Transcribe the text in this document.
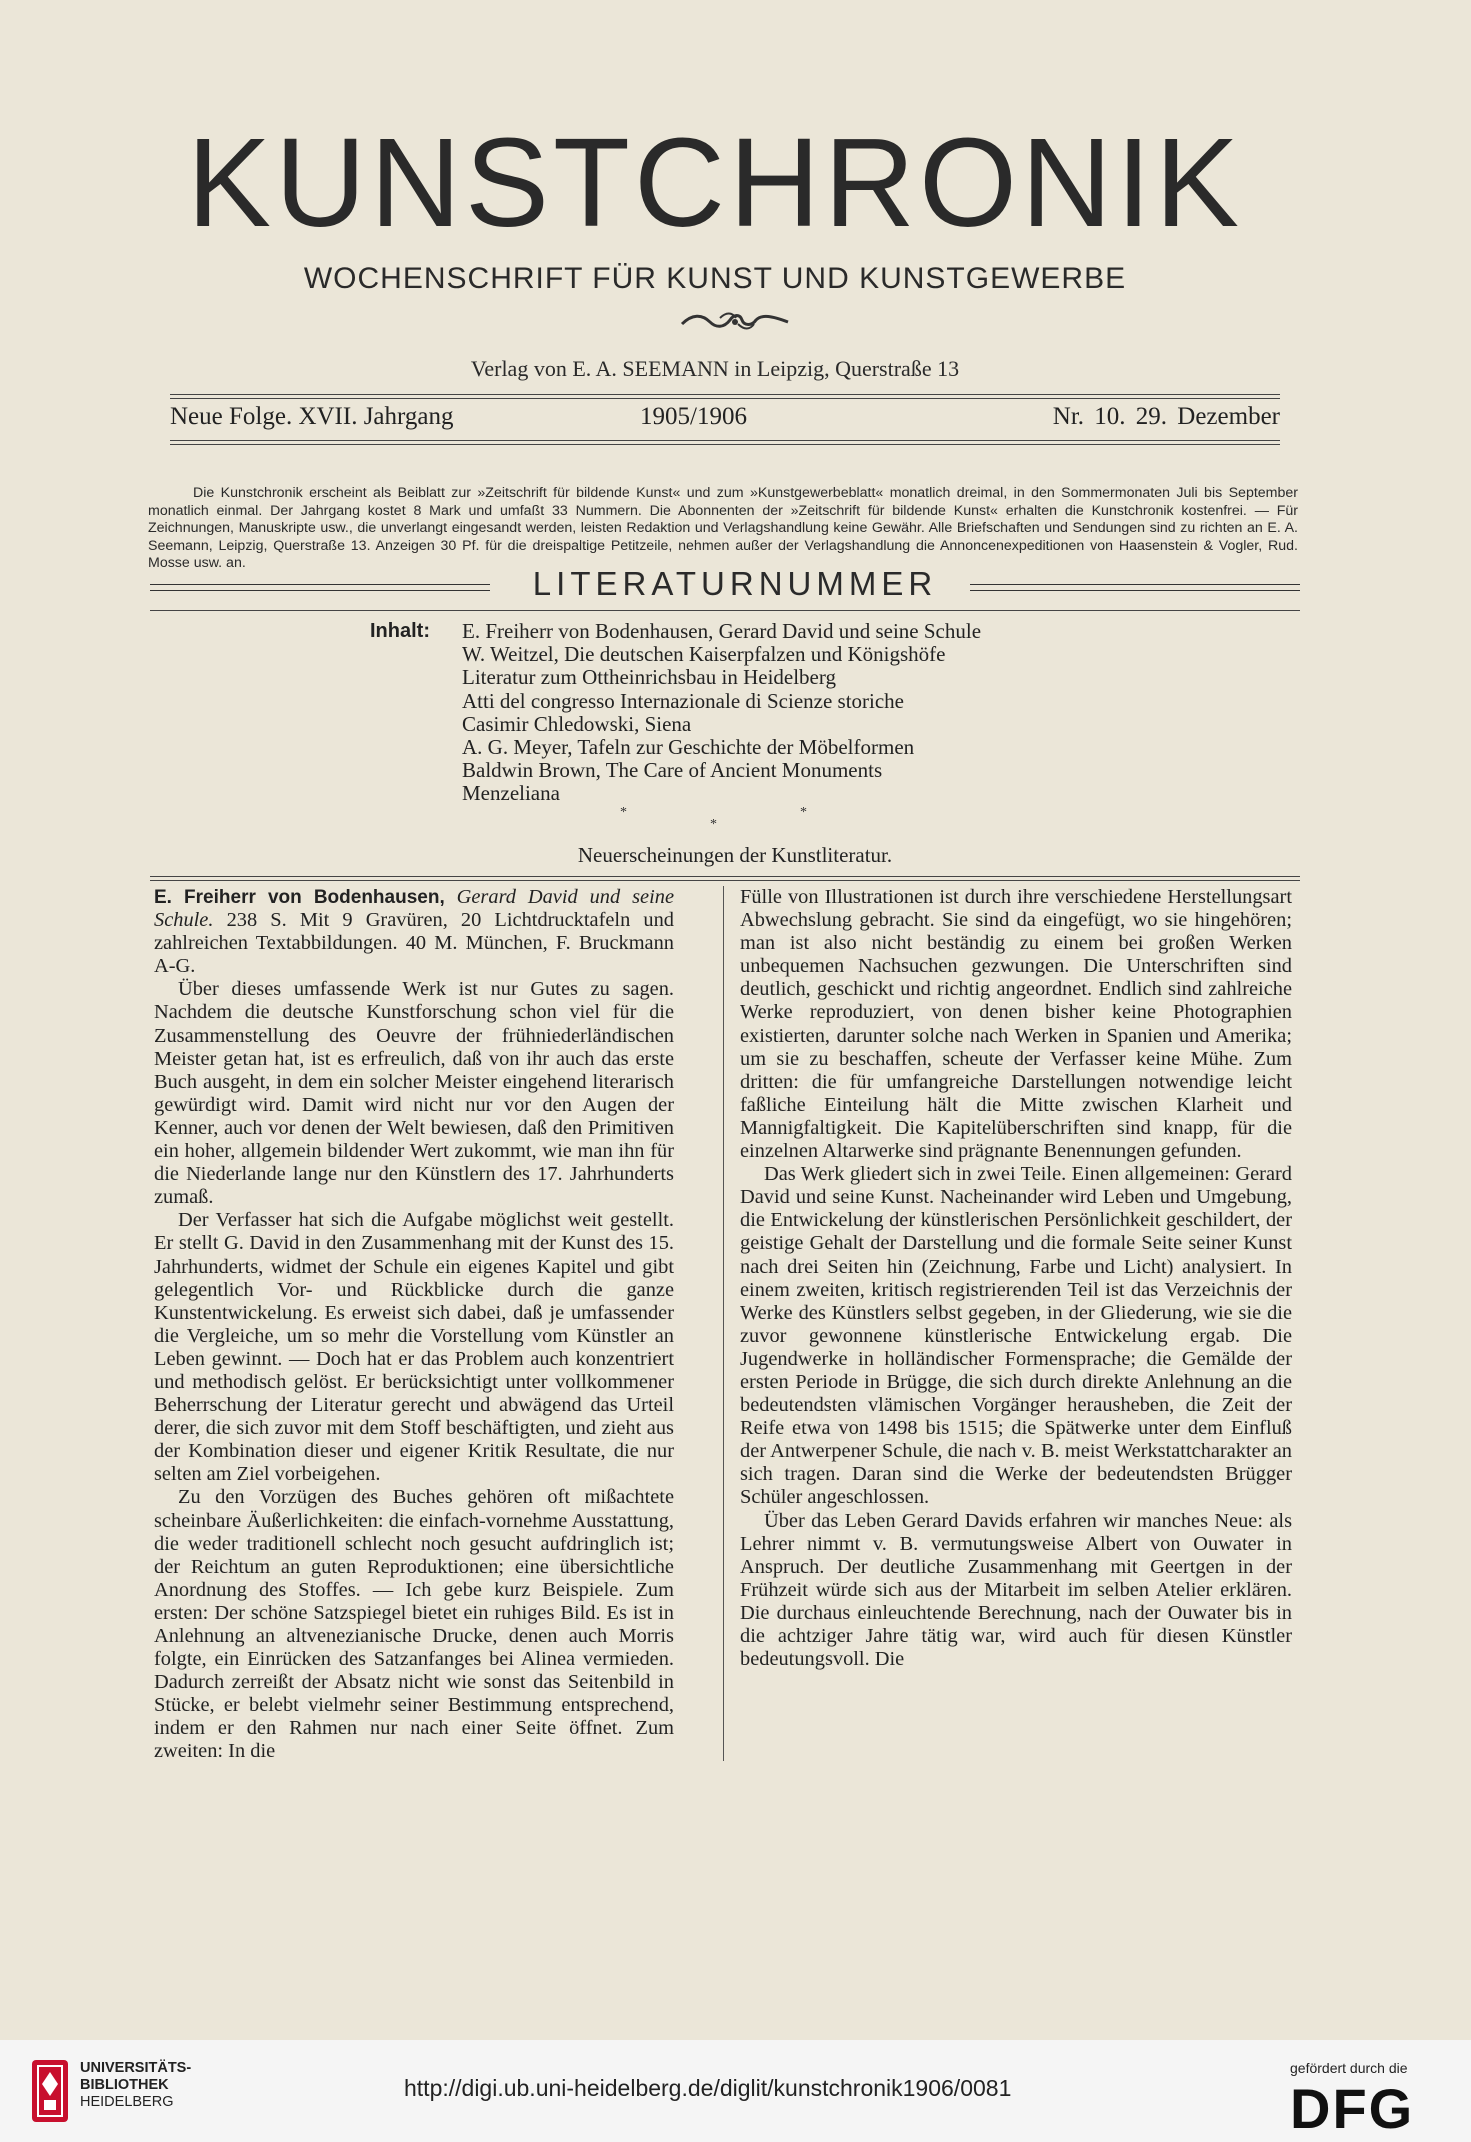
KUNSTCHRONIK
WOCHENSCHRIFT FÜR KUNST UND KUNSTGEWERBE
Verlag von E. A. SEEMANN in Leipzig, Querstraße 13
Neue Folge. XVII. Jahrgang	1905/1906	Nr. 10. 29. Dezember

Die Kunstchronik erscheint als Beiblatt zur »Zeitschrift für bildende Kunst« und zum »Kunstgewerbeblatt« monatlich dreimal, in den Sommermonaten Juli bis September monatlich einmal. Der Jahrgang kostet 8 Mark und umfaßt 33 Nummern. Die Abonnenten der »Zeitschrift für bildende Kunst« erhalten die Kunstchronik kostenfrei. — Für Zeichnungen, Manuskripte usw., die unverlangt eingesandt werden, leisten Redaktion und Verlagshandlung keine Gewähr. Alle Briefschaften und Sendungen sind zu richten an E. A. Seemann, Leipzig, Querstraße 13. Anzeigen 30 Pf. für die dreispaltige Petitzeile, nehmen außer der Verlagshandlung die Annoncenexpeditionen von Haasenstein & Vogler, Rud. Mosse usw. an.

LITERATURNUMMER
Inhalt: E. Freiherr von Bodenhausen, Gerard David und seine Schule
W. Weitzel, Die deutschen Kaiserpfalzen und Königshöfe
Literatur zum Ottheinrichsbau in Heidelberg
Atti del congresso Internazionale di Scienze storiche
Casimir Chledowski, Siena
A. G. Meyer, Tafeln zur Geschichte der Möbelformen
Baldwin Brown, The Care of Ancient Monuments
Menzeliana
*	*
*
Neuerscheinungen der Kunstliteratur.

E. Freiherr von Bodenhausen, Gerard David und seine Schule. 238 S. Mit 9 Gravüren, 20 Lichtdrucktafeln und zahlreichen Textabbildungen. 40 M. München, F. Bruckmann A-G.

Über dieses umfassende Werk ist nur Gutes zu sagen. Nachdem die deutsche Kunstforschung schon viel für die Zusammenstellung des Oeuvre der frühniederländischen Meister getan hat, ist es erfreulich, daß von ihr auch das erste Buch ausgeht, in dem ein solcher Meister eingehend literarisch gewürdigt wird. Damit wird nicht nur vor den Augen der Kenner, auch vor denen der Welt bewiesen, daß den Primitiven ein hoher, allgemein bildender Wert zukommt, wie man ihn für die Niederlande lange nur den Künstlern des 17. Jahrhunderts zumaß.

Der Verfasser hat sich die Aufgabe möglichst weit gestellt. Er stellt G. David in den Zusammenhang mit der Kunst des 15. Jahrhunderts, widmet der Schule ein eigenes Kapitel und gibt gelegentlich Vor- und Rückblicke durch die ganze Kunstentwickelung. Es erweist sich dabei, daß je umfassender die Vergleiche, um so mehr die Vorstellung vom Künstler an Leben gewinnt. — Doch hat er das Problem auch konzentriert und methodisch gelöst. Er berücksichtigt unter vollkommener Beherrschung der Literatur gerecht und abwägend das Urteil derer, die sich zuvor mit dem Stoff beschäftigten, und zieht aus der Kombination dieser und eigener Kritik Resultate, die nur selten am Ziel vorbeigehen.

Zu den Vorzügen des Buches gehören oft mißachtete scheinbare Äußerlichkeiten: die einfach-vornehme Ausstattung, die weder traditionell schlecht noch gesucht aufdringlich ist; der Reichtum an guten Reproduktionen; eine übersichtliche Anordnung des Stoffes. — Ich gebe kurz Beispiele. Zum ersten: Der schöne Satzspiegel bietet ein ruhiges Bild. Es ist in Anlehnung an altvenezianische Drucke, denen auch Morris folgte, ein Einrücken des Satzanfanges bei Alinea vermieden. Dadurch zerreißt der Absatz nicht wie sonst das Seitenbild in Stücke, er belebt vielmehr seiner Bestimmung entsprechend, indem er den Rahmen nur nach einer Seite öffnet. Zum zweiten: In die

Fülle von Illustrationen ist durch ihre verschiedene Herstellungsart Abwechslung gebracht. Sie sind da eingefügt, wo sie hingehören; man ist also nicht beständig zu einem bei großen Werken unbequemen Nachsuchen gezwungen. Die Unterschriften sind deutlich, geschickt und richtig angeordnet. Endlich sind zahlreiche Werke reproduziert, von denen bisher keine Photographien existierten, darunter solche nach Werken in Spanien und Amerika; um sie zu beschaffen, scheute der Verfasser keine Mühe. Zum dritten: die für umfangreiche Darstellungen notwendige leicht faßliche Einteilung hält die Mitte zwischen Klarheit und Mannigfaltigkeit. Die Kapitelüberschriften sind knapp, für die einzelnen Altarwerke sind prägnante Benennungen gefunden.

Das Werk gliedert sich in zwei Teile. Einen allgemeinen: Gerard David und seine Kunst. Nacheinander wird Leben und Umgebung, die Entwickelung der künstlerischen Persönlichkeit geschildert, der geistige Gehalt der Darstellung und die formale Seite seiner Kunst nach drei Seiten hin (Zeichnung, Farbe und Licht) analysiert. In einem zweiten, kritisch registrierenden Teil ist das Verzeichnis der Werke des Künstlers selbst gegeben, in der Gliederung, wie sie die zuvor gewonnene künstlerische Entwickelung ergab. Die Jugendwerke in holländischer Formensprache; die Gemälde der ersten Periode in Brügge, die sich durch direkte Anlehnung an die bedeutendsten vlämischen Vorgänger herausheben, die Zeit der Reife etwa von 1498 bis 1515; die Spätwerke unter dem Einfluß der Antwerpener Schule, die nach v. B. meist Werkstattcharakter an sich tragen. Daran sind die Werke der bedeutendsten Brügger Schüler angeschlossen.

Über das Leben Gerard Davids erfahren wir manches Neue: als Lehrer nimmt v. B. vermutungsweise Albert von Ouwater in Anspruch. Der deutliche Zusammenhang mit Geertgen in der Frühzeit würde sich aus der Mitarbeit im selben Atelier erklären. Die durchaus einleuchtende Berechnung, nach der Ouwater bis in die achtziger Jahre tätig war, wird auch für diesen Künstler bedeutungsvoll. Die

UNIVERSITÄTS-
BIBLIOTHEK
HEIDELBERG
http://digi.ub.uni-heidelberg.de/diglit/kunstchronik1906/0081
gefördert durch die
DFG
